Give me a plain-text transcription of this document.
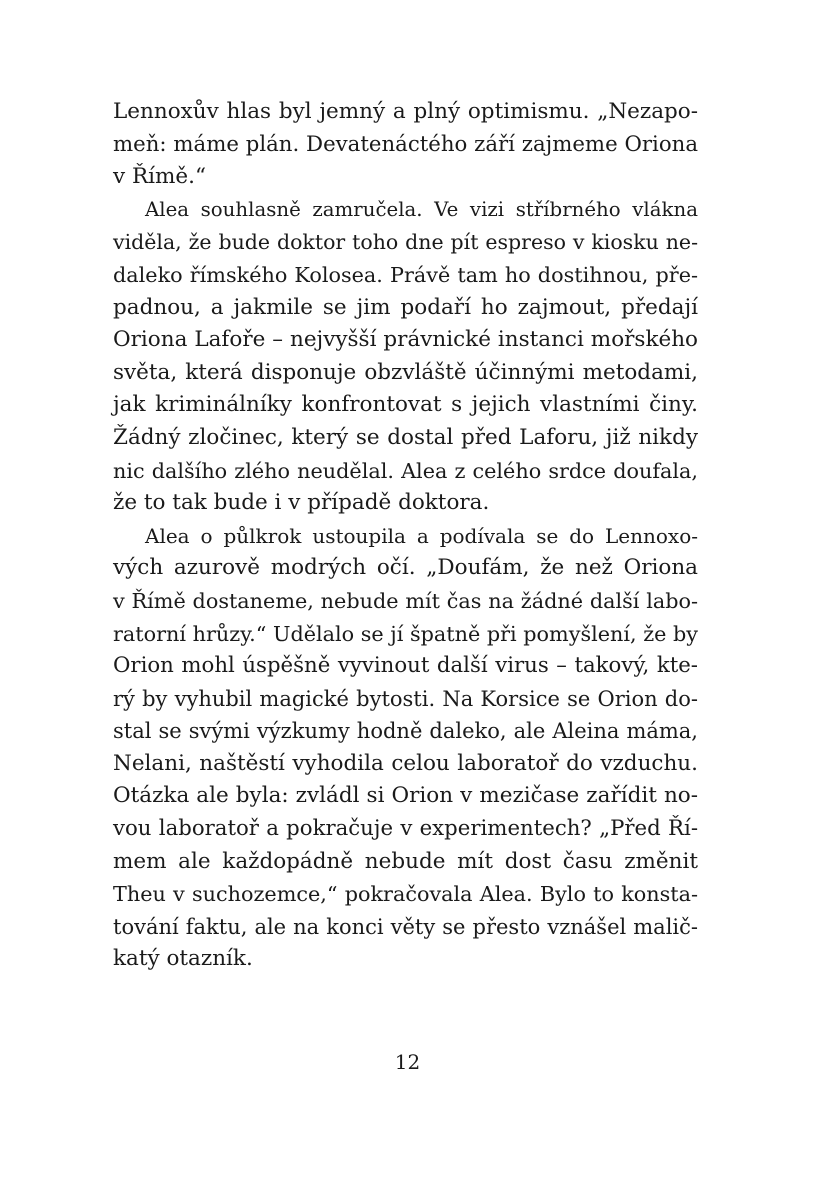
Lennoxův hlas byl jemný a plný optimismu. „Nezapo-
meň: máme plán. Devatenáctého září zajmeme Oriona
v Římě.“
Alea souhlasně zamručela. Ve vizi stříbrného vlákna
viděla, že bude doktor toho dne pít espreso v kiosku ne-
daleko římského Kolosea. Právě tam ho dostihnou, pře-
padnou, a jakmile se jim podaří ho zajmout, předají
Oriona Lafoře – nejvyšší právnické instanci mořského
světa, která disponuje obzvláště účinnými metodami,
jak kriminálníky konfrontovat s jejich vlastními činy.
Žádný zločinec, který se dostal před Laforu, již nikdy
nic dalšího zlého neudělal. Alea z celého srdce doufala,
že to tak bude i v případě doktora.
Alea o půlkrok ustoupila a podívala se do Lennoxo-
vých azurově modrých očí. „Doufám, že než Oriona
v Římě dostaneme, nebude mít čas na žádné další labo-
ratorní hrůzy.“ Udělalo se jí špatně při pomyšlení, že by
Orion mohl úspěšně vyvinout další virus – takový, kte-
rý by vyhubil magické bytosti. Na Korsice se Orion do-
stal se svými výzkumy hodně daleko, ale Aleina máma,
Nelani, naštěstí vyhodila celou laboratoř do vzduchu.
Otázka ale byla: zvládl si Orion v mezičase zařídit no-
vou laboratoř a pokračuje v experimentech? „Před Ří-
mem ale každopádně nebude mít dost času změnit
Theu v suchozemce,“ pokračovala Alea. Bylo to konsta-
tování faktu, ale na konci věty se přesto vznášel malič-
katý otazník.
12
